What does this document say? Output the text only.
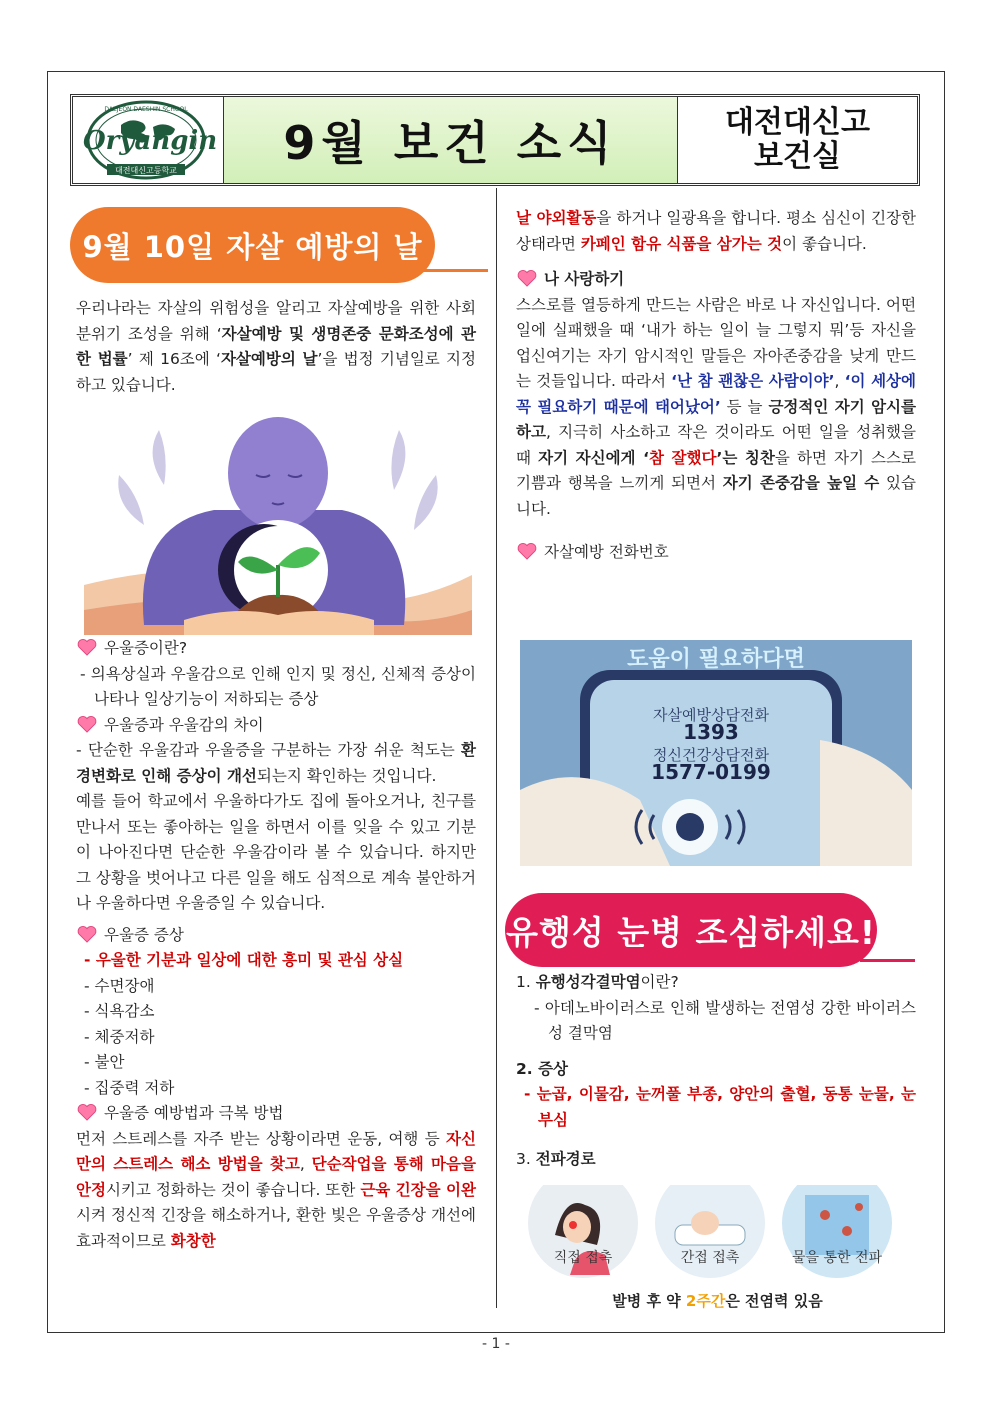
Oryangin
DAEJEON DAESHIN SCHOOL
대전대신고등학교
9월 보건 소식	대전대신고
보건실
9월 10일 자살 예방의 날

우리나라는 자살의 위험성을 알리고 자살예방을 위한 사회 분위기 조성을 위해 ‘자살예방 및 생명존중 문화조성에 관한 법률’ 제 16조에 ‘자살예방의 날’을 법정 기념일로 지정하고 있습니다.

우울증이란?

- 의욕상실과 우울감으로 인해 인지 및 정신, 신체적 증상이 나타나 일상기능이 저하되는 증상

우울증과 우울감의 차이

- 단순한 우울감과 우울증을 구분하는 가장 쉬운 척도는 환경변화로 인해 증상이 개선되는지 확인하는 것입니다.

예를 들어 학교에서 우울하다가도 집에 돌아오거나, 친구를 만나서 또는 좋아하는 일을 하면서 이를 잊을 수 있고 기분이 나아진다면 단순한 우울감이라 볼 수 있습니다. 하지만 그 상황을 벗어나고 다른 일을 해도 심적으로 계속 불안하거나 우울하다면 우울증일 수 있습니다.

우울증 증상

- 우울한 기분과 일상에 대한 흥미 및 관심 상실

- 수면장애
- 식욕감소
- 체중저하
- 불안
- 집중력 저하
우울증 예방법과 극복 방법

먼저 스트레스를 자주 받는 상황이라면 운동, 여행 등 자신만의 스트레스 해소 방법을 찾고, 단순작업을 통해 마음을 안정시키고 정화하는 것이 좋습니다. 또한 근육 긴장을 이완시켜 정신적 긴장을 해소하거나, 환한 빛은 우울증상 개선에 효과적이므로 화창한

날 야외활동을 하거나 일광욕을 합니다. 평소 심신이 긴장한 상태라면 카페인 함유 식품을 삼가는 것이 좋습니다.

나 사랑하기

스스로를 열등하게 만드는 사람은 바로 나 자신입니다. 어떤 일에 실패했을 때 ‘내가 하는 일이 늘 그렇지 뭐’등 자신을 업신여기는 자기 암시적인 말들은 자아존중감을 낮게 만드는 것들입니다. 따라서 ‘난 참 괜찮은 사람이야’, ‘이 세상에 꼭 필요하기 때문에 태어났어’ 등 늘 긍정적인 자기 암시를 하고, 지극히 사소하고 작은 것이라도 어떤 일을 성취했을 때 자기 자신에게 ‘참 잘했다’는 칭찬을 하면 자기 스스로 기쁨과 행복을 느끼게 되면서 자기 존중감을 높일 수 있습니다.

자살예방 전화번호
도움이 필요하다면
자살예방상담전화
1393
정신건강상담전화
1577-0199
유행성 눈병 조심하세요!
1. 유행성각결막염이란?

- 아데노바이러스로 인해 발생하는 전염성 강한 바이러스성 결막염

2. 증상

- 눈곱, 이물감, 눈꺼풀 부종, 양안의 출혈, 동통 눈물, 눈부심

3. 전파경로
직접 접촉	간접 접촉	물을 통한 전파
발병 후 약 2주간은 전염력 있음
- 1 -
